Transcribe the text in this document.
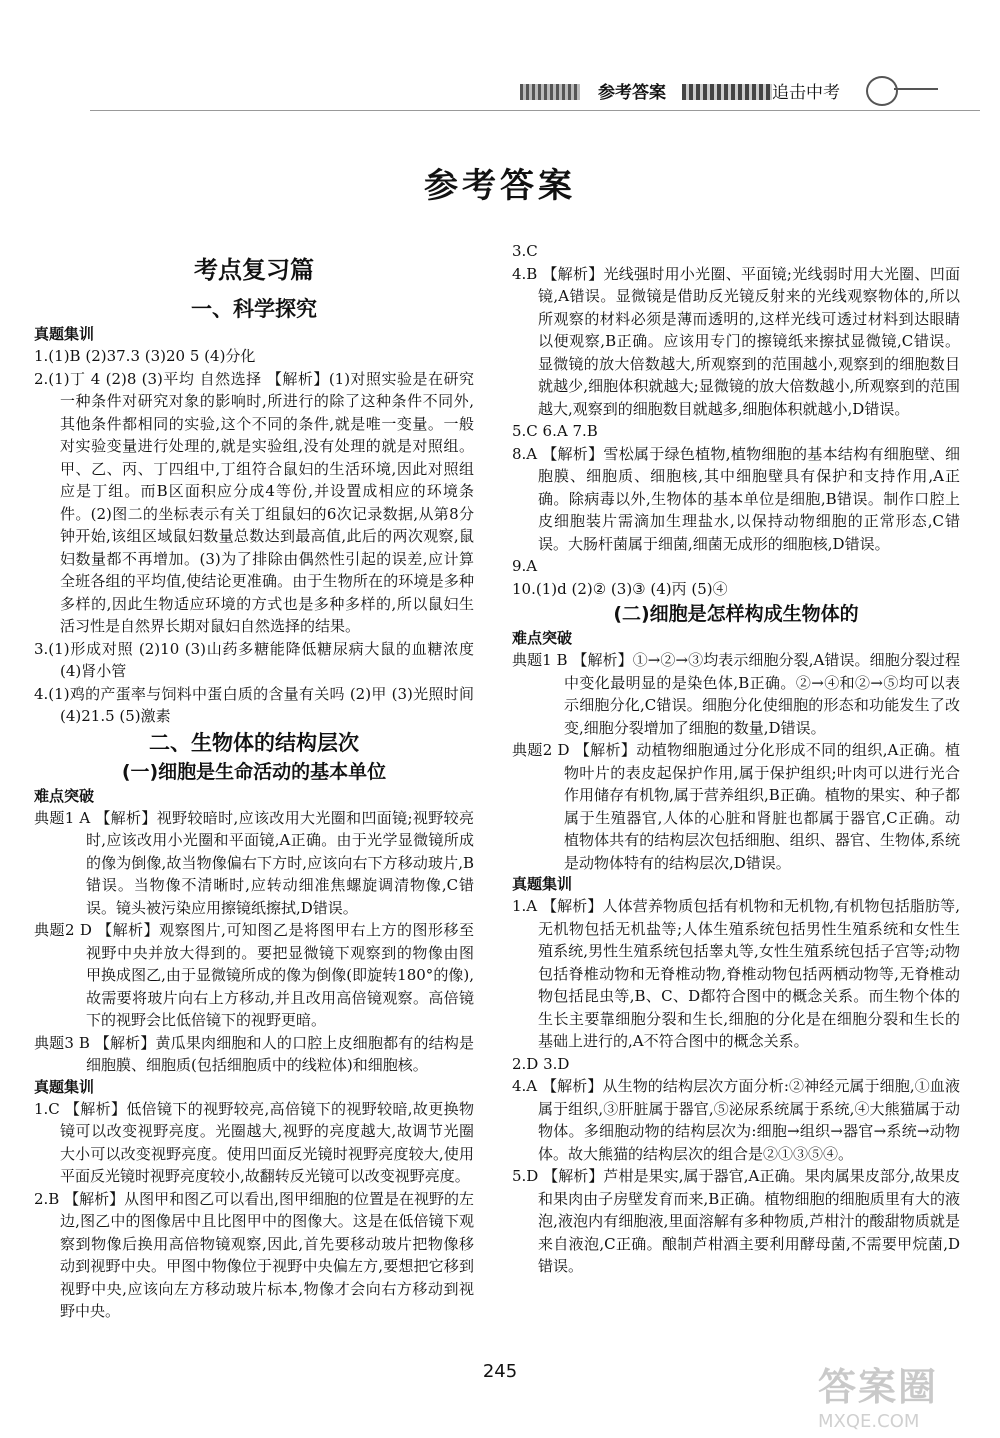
参考答案	追击中考
参考答案

考点复习篇

一、科学探究

真题集训

1.(1)B (2)37.3 (3)20 5 (4)分化

2.(1)丁 4 (2)8 (3)平均 自然选择 【解析】(1)对照实验是在研究一种条件对研究对象的影响时,所进行的除了这种条件不同外,其他条件都相同的实验,这个不同的条件,就是唯一变量。一般对实验变量进行处理的,就是实验组,没有处理的就是对照组。甲、乙、丙、丁四组中,丁组符合鼠妇的生活环境,因此对照组应是丁组。而B区面积应分成4等份,并设置成相应的环境条件。(2)图二的坐标表示有关丁组鼠妇的6次记录数据,从第8分钟开始,该组区域鼠妇数量总数达到最高值,此后的两次观察,鼠妇数量都不再增加。(3)为了排除由偶然性引起的误差,应计算全班各组的平均值,使结论更准确。由于生物所在的环境是多种多样的,因此生物适应环境的方式也是多种多样的,所以鼠妇生活习性是自然界长期对鼠妇自然选择的结果。

3.(1)形成对照 (2)10 (3)山药多糖能降低糖尿病大鼠的血糖浓度 (4)肾小管

4.(1)鸡的产蛋率与饲料中蛋白质的含量有关吗 (2)甲 (3)光照时间 (4)21.5 (5)激素

二、生物体的结构层次

(一)细胞是生命活动的基本单位

难点突破

典题1 A 【解析】视野较暗时,应该改用大光圈和凹面镜;视野较亮时,应该改用小光圈和平面镜,A正确。由于光学显微镜所成的像为倒像,故当物像偏右下方时,应该向右下方移动玻片,B错误。当物像不清晰时,应转动细准焦螺旋调清物像,C错误。镜头被污染应用擦镜纸擦拭,D错误。

典题2 D 【解析】观察图片,可知图乙是将图甲右上方的图形移至视野中央并放大得到的。要把显微镜下观察到的物像由图甲换成图乙,由于显微镜所成的像为倒像(即旋转180°的像),故需要将玻片向右上方移动,并且改用高倍镜观察。高倍镜下的视野会比低倍镜下的视野更暗。

典题3 B 【解析】黄瓜果肉细胞和人的口腔上皮细胞都有的结构是细胞膜、细胞质(包括细胞质中的线粒体)和细胞核。

真题集训

1.C 【解析】低倍镜下的视野较亮,高倍镜下的视野较暗,故更换物镜可以改变视野亮度。光圈越大,视野的亮度越大,故调节光圈大小可以改变视野亮度。使用凹面反光镜时视野亮度较大,使用平面反光镜时视野亮度较小,故翻转反光镜可以改变视野亮度。

2.B 【解析】从图甲和图乙可以看出,图甲细胞的位置是在视野的左边,图乙中的图像居中且比图甲中的图像大。这是在低倍镜下观察到物像后换用高倍物镜观察,因此,首先要移动玻片把物像移动到视野中央。甲图中物像位于视野中央偏左方,要想把它移到视野中央,应该向左方移动玻片标本,物像才会向右方移动到视野中央。

3.C

4.B 【解析】光线强时用小光圈、平面镜;光线弱时用大光圈、凹面镜,A错误。显微镜是借助反光镜反射来的光线观察物体的,所以所观察的材料必须是薄而透明的,这样光线可透过材料到达眼睛以便观察,B正确。应该用专门的擦镜纸来擦拭显微镜,C错误。显微镜的放大倍数越大,所观察到的范围越小,观察到的细胞数目就越少,细胞体积就越大;显微镜的放大倍数越小,所观察到的范围越大,观察到的细胞数目就越多,细胞体积就越小,D错误。

5.C 6.A 7.B

8.A 【解析】雪松属于绿色植物,植物细胞的基本结构有细胞壁、细胞膜、细胞质、细胞核,其中细胞壁具有保护和支持作用,A正确。除病毒以外,生物体的基本单位是细胞,B错误。制作口腔上皮细胞装片需滴加生理盐水,以保持动物细胞的正常形态,C错误。大肠杆菌属于细菌,细菌无成形的细胞核,D错误。

9.A

10.(1)d (2)② (3)③ (4)丙 (5)④

(二)细胞是怎样构成生物体的

难点突破

典题1 B 【解析】①→②→③均表示细胞分裂,A错误。细胞分裂过程中变化最明显的是染色体,B正确。②→④和②→⑤均可以表示细胞分化,C错误。细胞分化使细胞的形态和功能发生了改变,细胞分裂增加了细胞的数量,D错误。

典题2 D 【解析】动植物细胞通过分化形成不同的组织,A正确。植物叶片的表皮起保护作用,属于保护组织;叶肉可以进行光合作用储存有机物,属于营养组织,B正确。植物的果实、种子都属于生殖器官,人体的心脏和肾脏也都属于器官,C正确。动植物体共有的结构层次包括细胞、组织、器官、生物体,系统是动物体特有的结构层次,D错误。

真题集训

1.A 【解析】人体营养物质包括有机物和无机物,有机物包括脂肪等,无机物包括无机盐等;人体生殖系统包括男性生殖系统和女性生殖系统,男性生殖系统包括睾丸等,女性生殖系统包括子宫等;动物包括脊椎动物和无脊椎动物,脊椎动物包括两栖动物等,无脊椎动物包括昆虫等,B、C、D都符合图中的概念关系。而生物个体的生长主要靠细胞分裂和生长,细胞的分化是在细胞分裂和生长的基础上进行的,A不符合图中的概念关系。

2.D 3.D

4.A 【解析】从生物的结构层次方面分析:②神经元属于细胞,①血液属于组织,③肝脏属于器官,⑤泌尿系统属于系统,④大熊猫属于动物体。多细胞动物的结构层次为:细胞→组织→器官→系统→动物体。故大熊猫的结构层次的组合是②①③⑤④。

5.D 【解析】芦柑是果实,属于器官,A正确。果肉属果皮部分,故果皮和果肉由子房壁发育而来,B正确。植物细胞的细胞质里有大的液泡,液泡内有细胞液,里面溶解有多种物质,芦柑汁的酸甜物质就是来自液泡,C正确。酿制芦柑酒主要利用酵母菌,不需要甲烷菌,D错误。

245	答案圈
MXQE.COM
